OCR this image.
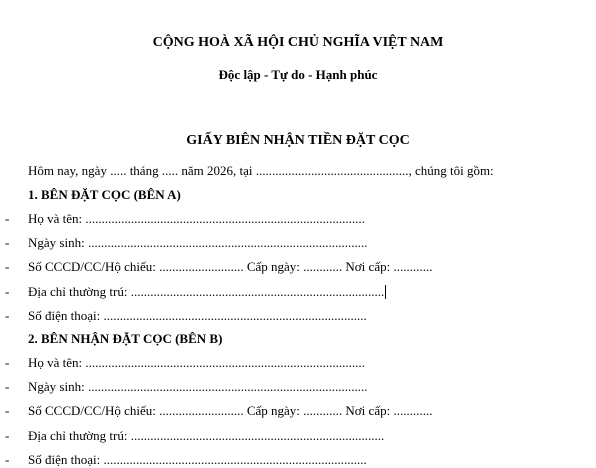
CỘNG HOÀ XÃ HỘI CHỦ NGHĨA VIỆT NAM
Độc lập - Tự do - Hạnh phúc
GIẤY BIÊN NHẬN TIỀN ĐẶT CỌC
Hôm nay, ngày ..... tháng ..... năm 2026, tại ..............................................., chúng tôi gồm:
1. BÊN ĐẶT CỌC (BÊN A)
- Họ và tên: ......................................................................................
- Ngày sinh: ......................................................................................
- Số CCCD/CC/Hộ chiếu: .......................... Cấp ngày: ............ Nơi cấp: ............
- Địa chỉ thường trú: ..............................................................................
- Số điện thoại: .................................................................................
2. BÊN NHẬN ĐẶT CỌC (BÊN B)
- Họ và tên: ......................................................................................
- Ngày sinh: ......................................................................................
- Số CCCD/CC/Hộ chiếu: .......................... Cấp ngày: ............ Nơi cấp: ............
- Địa chỉ thường trú: ..............................................................................
- Số điện thoại: .................................................................................
